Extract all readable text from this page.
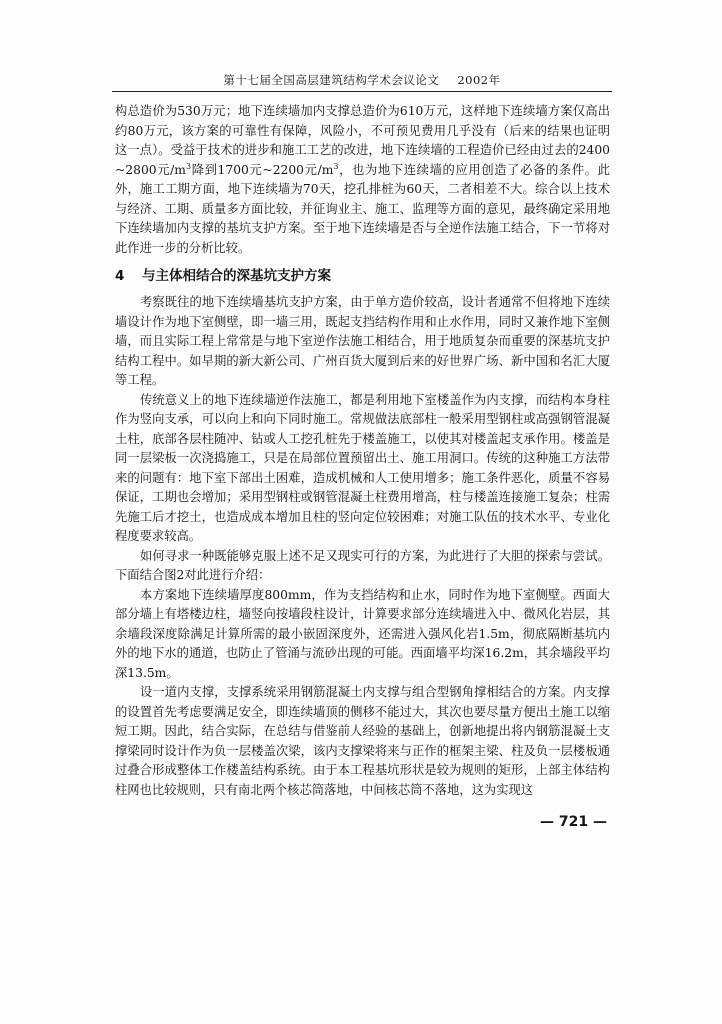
第十七届全国高层建筑结构学术会议论文 2002年

构总造价为530万元；地下连续墙加内支撑总造价为610万元，这样地下连续墙方案仅高出约80万元，该方案的可靠性有保障，风险小，不可预见费用几乎没有（后来的结果也证明这一点）。受益于技术的进步和施工工艺的改进，地下连续墙的工程造价已经由过去的2400~2800元$/m^3$降到1700元~2200元$/m^3$，也为地下连续墙的应用创造了必备的条件。此外，施工工期方面，地下连续墙为70天，挖孔排桩为60天，二者相差不大。综合以上技术与经济、工期、质量多方面比较，并征询业主、施工、监理等方面的意见，最终确定采用地下连续墙加内支撑的基坑支护方案。至于地下连续墙是否与全逆作法施工结合，下一节将对此作进一步的分析比较。

4 与主体相结合的深基坑支护方案

考察既往的地下连续墙基坑支护方案，由于单方造价较高，设计者通常不但将地下连续墙设计作为地下室侧壁，即一墙三用，既起支挡结构作用和止水作用，同时又兼作地下室侧墙，而且实际工程上常常是与地下室逆作法施工相结合，用于地质复杂而重要的深基坑支护结构工程中。如早期的新大新公司、广州百货大厦到后来的好世界广场、新中国和名汇大厦等工程。

传统意义上的地下连续墙逆作法施工，都是利用地下室楼盖作为内支撑，而结构本身柱作为竖向支承，可以向上和向下同时施工。常规做法底部柱一般采用型钢柱或高强钢管混凝土柱，底部各层柱随冲、钻或人工挖孔桩先于楼盖施工，以使其对楼盖起支承作用。楼盖是同一层梁板一次浇捣施工，只是在局部位置预留出土、施工用洞口。传统的这种施工方法带来的问题有：地下室下部出土困难，造成机械和人工使用增多；施工条件恶化，质量不容易保证，工期也会增加；采用型钢柱或钢管混凝土柱费用增高，柱与楼盖连接施工复杂；柱需先施工后才挖土，也造成成本增加且柱的竖向定位较困难；对施工队伍的技术水平、专业化程度要求较高。

如何寻求一种既能够克服上述不足又现实可行的方案，为此进行了大胆的探索与尝试。下面结合图2对此进行介绍：

本方案地下连续墙厚度800mm，作为支挡结构和止水，同时作为地下室侧壁。西面大部分墙上有塔楼边柱，墙竖向按墙段柱设计，计算要求部分连续墙进入中、微风化岩层，其余墙段深度除满足计算所需的最小嵌固深度外，还需进入强风化岩1.5m，彻底隔断基坑内外的地下水的通道，也防止了管涌与流砂出现的可能。西面墙平均深16.2m，其余墙段平均深13.5m。

设一道内支撑，支撑系统采用钢筋混凝土内支撑与组合型钢角撑相结合的方案。内支撑的设置首先考虑要满足安全，即连续墙顶的侧移不能过大，其次也要尽量方便出土施工以缩短工期。因此，结合实际，在总结与借鉴前人经验的基础上，创新地提出将内钢筋混凝土支撑梁同时设计作为负一层楼盖次梁，该内支撑梁将来与正作的框架主梁、柱及负一层楼板通过叠合形成整体工作楼盖结构系统。由于本工程基坑形状是较为规则的矩形，上部主体结构柱网也比较规则，只有南北两个核芯筒落地，中间核芯筒不落地，这为实现这

— 721 —
